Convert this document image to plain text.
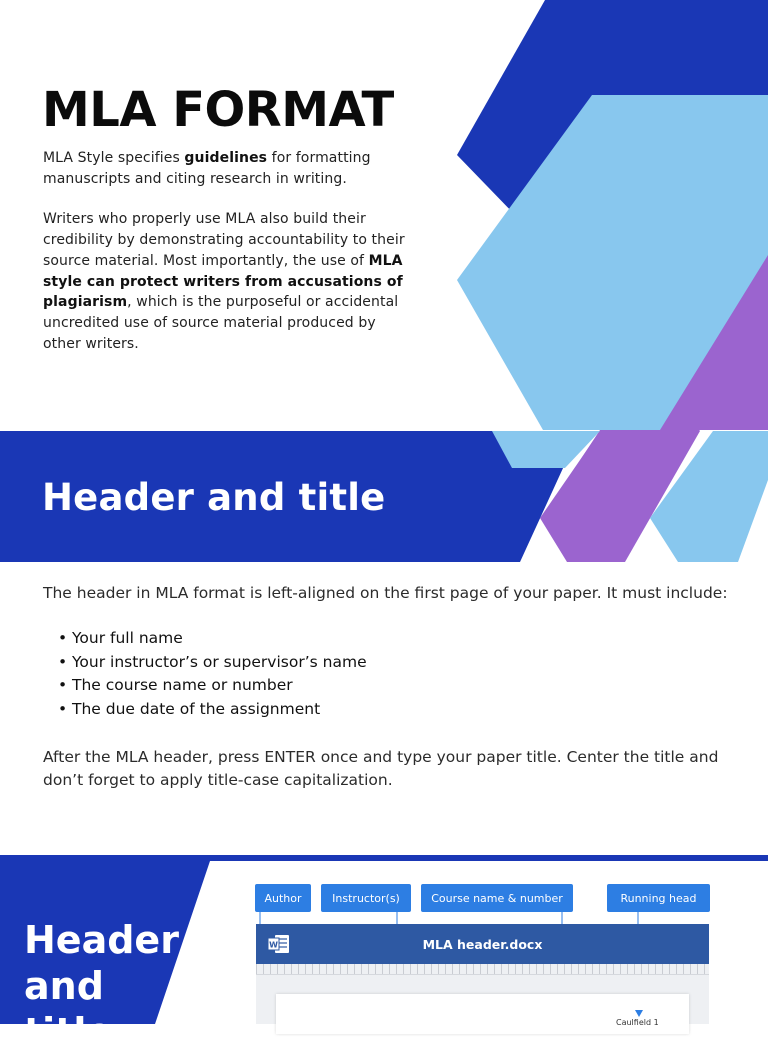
MLA FORMAT

MLA Style specifies guidelines for formatting manuscripts and citing research in writing.

Writers who properly use MLA also build their credibility by demonstrating accountability to their source material. Most importantly, the use of MLA style can protect writers from accusations of plagiarism, which is the purposeful or accidental uncredited use of source material produced by other writers.

Header and title

The header in MLA format is left-aligned on the first page of your paper. It must include:

• Your full name
• Your instructor’s or supervisor’s name
• The course name or number
• The due date of the assignment

After the MLA header, press ENTER once and type your paper title. Center the title and don’t forget to apply title-case capitalization.

Header
and
title
Author	Instructor(s)	Course name & number	Running head
W	MLA header.docx
Caulfield 1
